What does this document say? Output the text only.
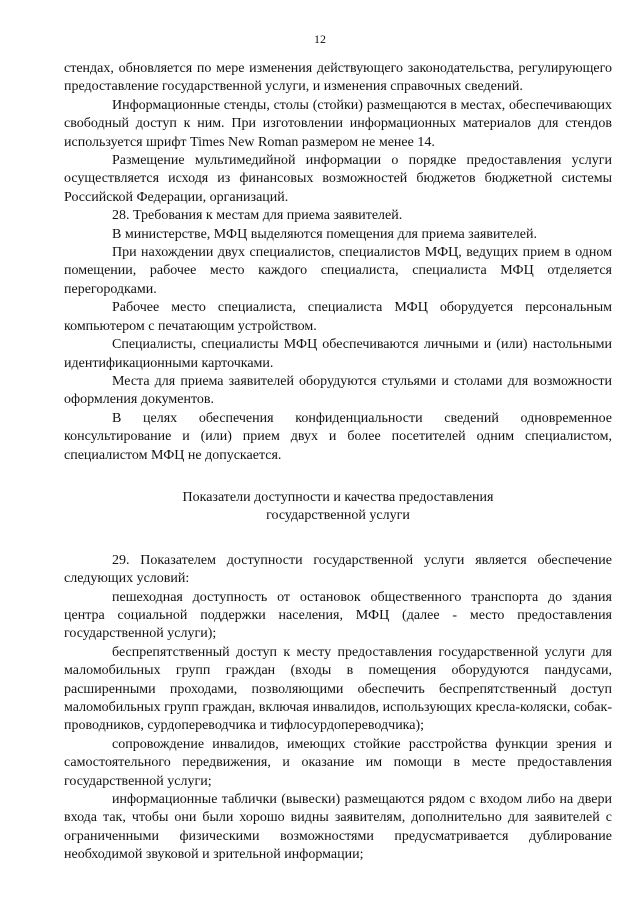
12

стендах, обновляется по мере изменения действующего законодательства, регулирующего предоставление государственной услуги, и изменения справочных сведений.

Информационные стенды, столы (стойки) размещаются в местах, обеспечивающих свободный доступ к ним. При изготовлении информационных материалов для стендов используется шрифт Times New Roman размером не менее 14.

Размещение мультимедийной информации о порядке предоставления услуги осуществляется исходя из финансовых возможностей бюджетов бюджетной системы Российской Федерации, организаций.

28. Требования к местам для приема заявителей.

В министерстве, МФЦ выделяются помещения для приема заявителей.

При нахождении двух специалистов, специалистов МФЦ, ведущих прием в одном помещении, рабочее место каждого специалиста, специалиста МФЦ отделяется перегородками.

Рабочее место специалиста, специалиста МФЦ оборудуется персональным компьютером с печатающим устройством.

Специалисты, специалисты МФЦ обеспечиваются личными и (или) настольными идентификационными карточками.

Места для приема заявителей оборудуются стульями и столами для возможности оформления документов.

В целях обеспечения конфиденциальности сведений одновременное консультирование и (или) прием двух и более посетителей одним специалистом, специалистом МФЦ не допускается.

Показатели доступности и качества предоставления
государственной услуги

29. Показателем доступности государственной услуги является обеспечение следующих условий:

пешеходная доступность от остановок общественного транспорта до здания центра социальной поддержки населения, МФЦ (далее - место предоставления государственной услуги);

беспрепятственный доступ к месту предоставления государственной услуги для маломобильных групп граждан (входы в помещения оборудуются пандусами, расширенными проходами, позволяющими обеспечить беспрепятственный доступ маломобильных групп граждан, включая инвалидов, использующих кресла-коляски, собак-проводников, сурдопереводчика и тифлосурдопереводчика);

сопровождение инвалидов, имеющих стойкие расстройства функции зрения и самостоятельного передвижения, и оказание им помощи в месте предоставления государственной услуги;

информационные таблички (вывески) размещаются рядом с входом либо на двери входа так, чтобы они были хорошо видны заявителям, дополнительно для заявителей с ограниченными физическими возможностями предусматривается дублирование необходимой звуковой и зрительной информации;
